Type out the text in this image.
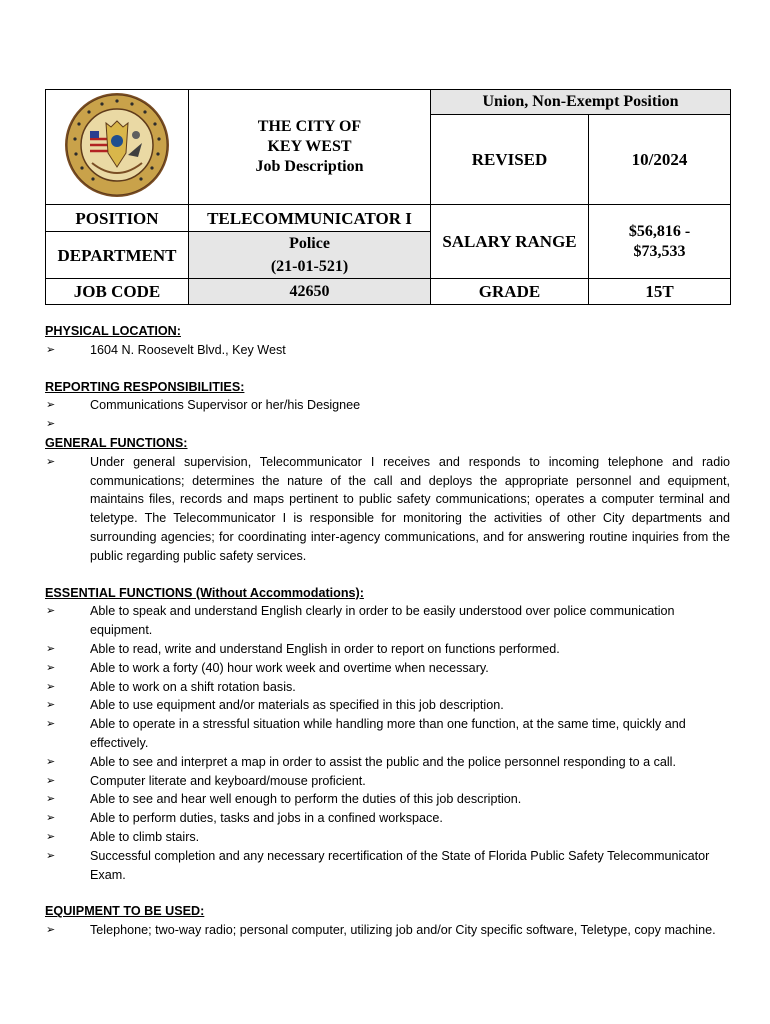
THE CITY OF
KEY WEST
Job Description	Union, Non-Exempt Position	
		REVISED	10/2024
POSITION	TELECOMMUNICATOR I	SALARY RANGE	$56,816 -
$73,533

DEPARTMENT	Police
(21-01-521)		

JOB CODE	42650	GRADE	15T
PHYSICAL LOCATION:
➢	1604 N. Roosevelt Blvd., Key West
REPORTING RESPONSIBILITIES:
➢	Communications Supervisor or her/his Designee
➢
GENERAL FUNCTIONS:
➢	Under general supervision, Telecommunicator I receives and responds to incoming telephone and radio communications; determines the nature of the call and deploys the appropriate personnel and equipment, maintains files, records and maps pertinent to public safety communications; operates a computer terminal and teletype. The Telecommunicator I is responsible for monitoring the activities of other City departments and surrounding agencies; for coordinating inter-agency communications, and for answering routine inquiries from the public regarding public safety services.
ESSENTIAL FUNCTIONS (Without Accommodations):
➢	Able to speak and understand English clearly in order to be easily understood over police communication equipment.
➢	Able to read, write and understand English in order to report on functions performed.
➢	Able to work a forty (40) hour work week and overtime when necessary.
➢	Able to work on a shift rotation basis.
➢	Able to use equipment and/or materials as specified in this job description.
➢	Able to operate in a stressful situation while handling more than one function, at the same time, quickly and effectively.
➢	Able to see and interpret a map in order to assist the public and the police personnel responding to a call.
➢	Computer literate and keyboard/mouse proficient.
➢	Able to see and hear well enough to perform the duties of this job description.
➢	Able to perform duties, tasks and jobs in a confined workspace.
➢	Able to climb stairs.
➢	Successful completion and any necessary recertification of the State of Florida Public Safety Telecommunicator Exam.
EQUIPMENT TO BE USED:
➢	Telephone; two-way radio; personal computer, utilizing job and/or City specific software, Teletype, copy machine.
